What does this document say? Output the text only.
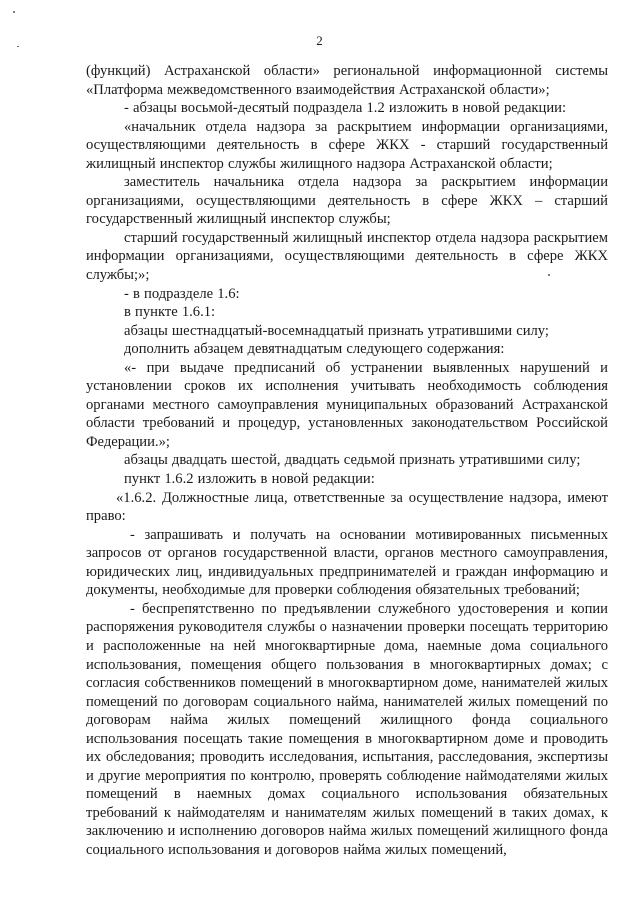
2

(функций) Астраханской области» региональной информационной системы «Платформа межведомственного взаимодействия Астраханской области»;

- абзацы восьмой-десятый подраздела 1.2 изложить в новой редакции:

«начальник отдела надзора за раскрытием информации организациями, осуществляющими деятельность в сфере ЖКХ - старший государственный жилищный инспектор службы жилищного надзора Астраханской области;

заместитель начальника отдела надзора за раскрытием информации организациями, осуществляющими деятельность в сфере ЖКХ – старший государственный жилищный инспектор службы;

старший государственный жилищный инспектор отдела надзора раскрытием информации организациями, осуществляющими деятельность в сфере ЖКХ службы;»;

- в подразделе 1.6:

в пункте 1.6.1:

абзацы шестнадцатый-восемнадцатый признать утратившими силу;

дополнить абзацем девятнадцатым следующего содержания:

«- при выдаче предписаний об устранении выявленных нарушений и установлении сроков их исполнения учитывать необходимость соблюдения органами местного самоуправления муниципальных образований Астраханской области требований и процедур, установленных законодательством Российской Федерации.»;

абзацы двадцать шестой, двадцать седьмой признать утратившими силу;

пункт 1.6.2 изложить в новой редакции:

«1.6.2. Должностные лица, ответственные за осуществление надзора, имеют право:

- запрашивать и получать на основании мотивированных письменных запросов от органов государственной власти, органов местного самоуправления, юридических лиц, индивидуальных предпринимателей и граждан информацию и документы, необходимые для проверки соблюдения обязательных требований;

- беспрепятственно по предъявлении служебного удостоверения и копии распоряжения руководителя службы о назначении проверки посещать территорию и расположенные на ней многоквартирные дома, наемные дома социального использования, помещения общего пользования в многоквартирных домах; с согласия собственников помещений в многоквартирном доме, нанимателей жилых помещений по договорам социального найма, нанимателей жилых помещений по договорам найма жилых помещений жилищного фонда социального использования посещать такие помещения в многоквартирном доме и проводить их обследования; проводить исследования, испытания, расследования, экспертизы и другие мероприятия по контролю, проверять соблюдение наймодателями жилых помещений в наемных домах социального использования обязательных требований к наймодателям и нанимателям жилых помещений в таких домах, к заключению и исполнению договоров найма жилых помещений жилищного фонда социального использования и договоров найма жилых помещений,
